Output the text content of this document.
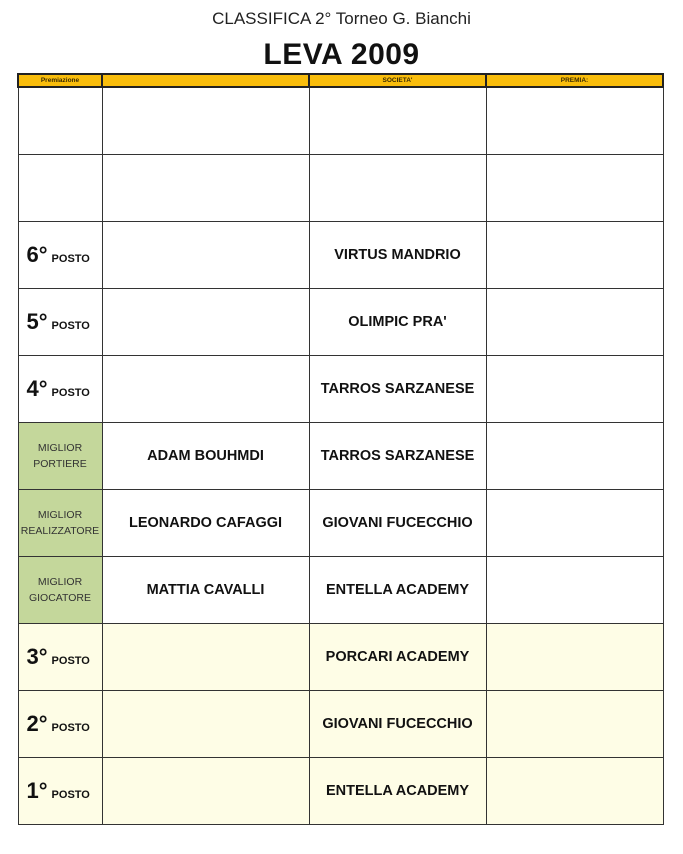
CLASSIFICA 2° Torneo G. Bianchi
LEVA 2009
Premiazione		SOCIETA'	PREMIA:

6° POSTO		VIRTUS MANDRIO	
5° POSTO		OLIMPIC PRA'	
4° POSTO		TARROS SARZANESE	
MIGLIOR
PORTIERE	ADAM BOUHMDI	TARROS SARZANESE	
MIGLIOR
REALIZZATORE	LEONARDO CAFAGGI	GIOVANI FUCECCHIO	
MIGLIOR
GIOCATORE	MATTIA CAVALLI	ENTELLA ACADEMY	
3° POSTO		PORCARI ACADEMY	
2° POSTO		GIOVANI FUCECCHIO	
1° POSTO		ENTELLA ACADEMY	
